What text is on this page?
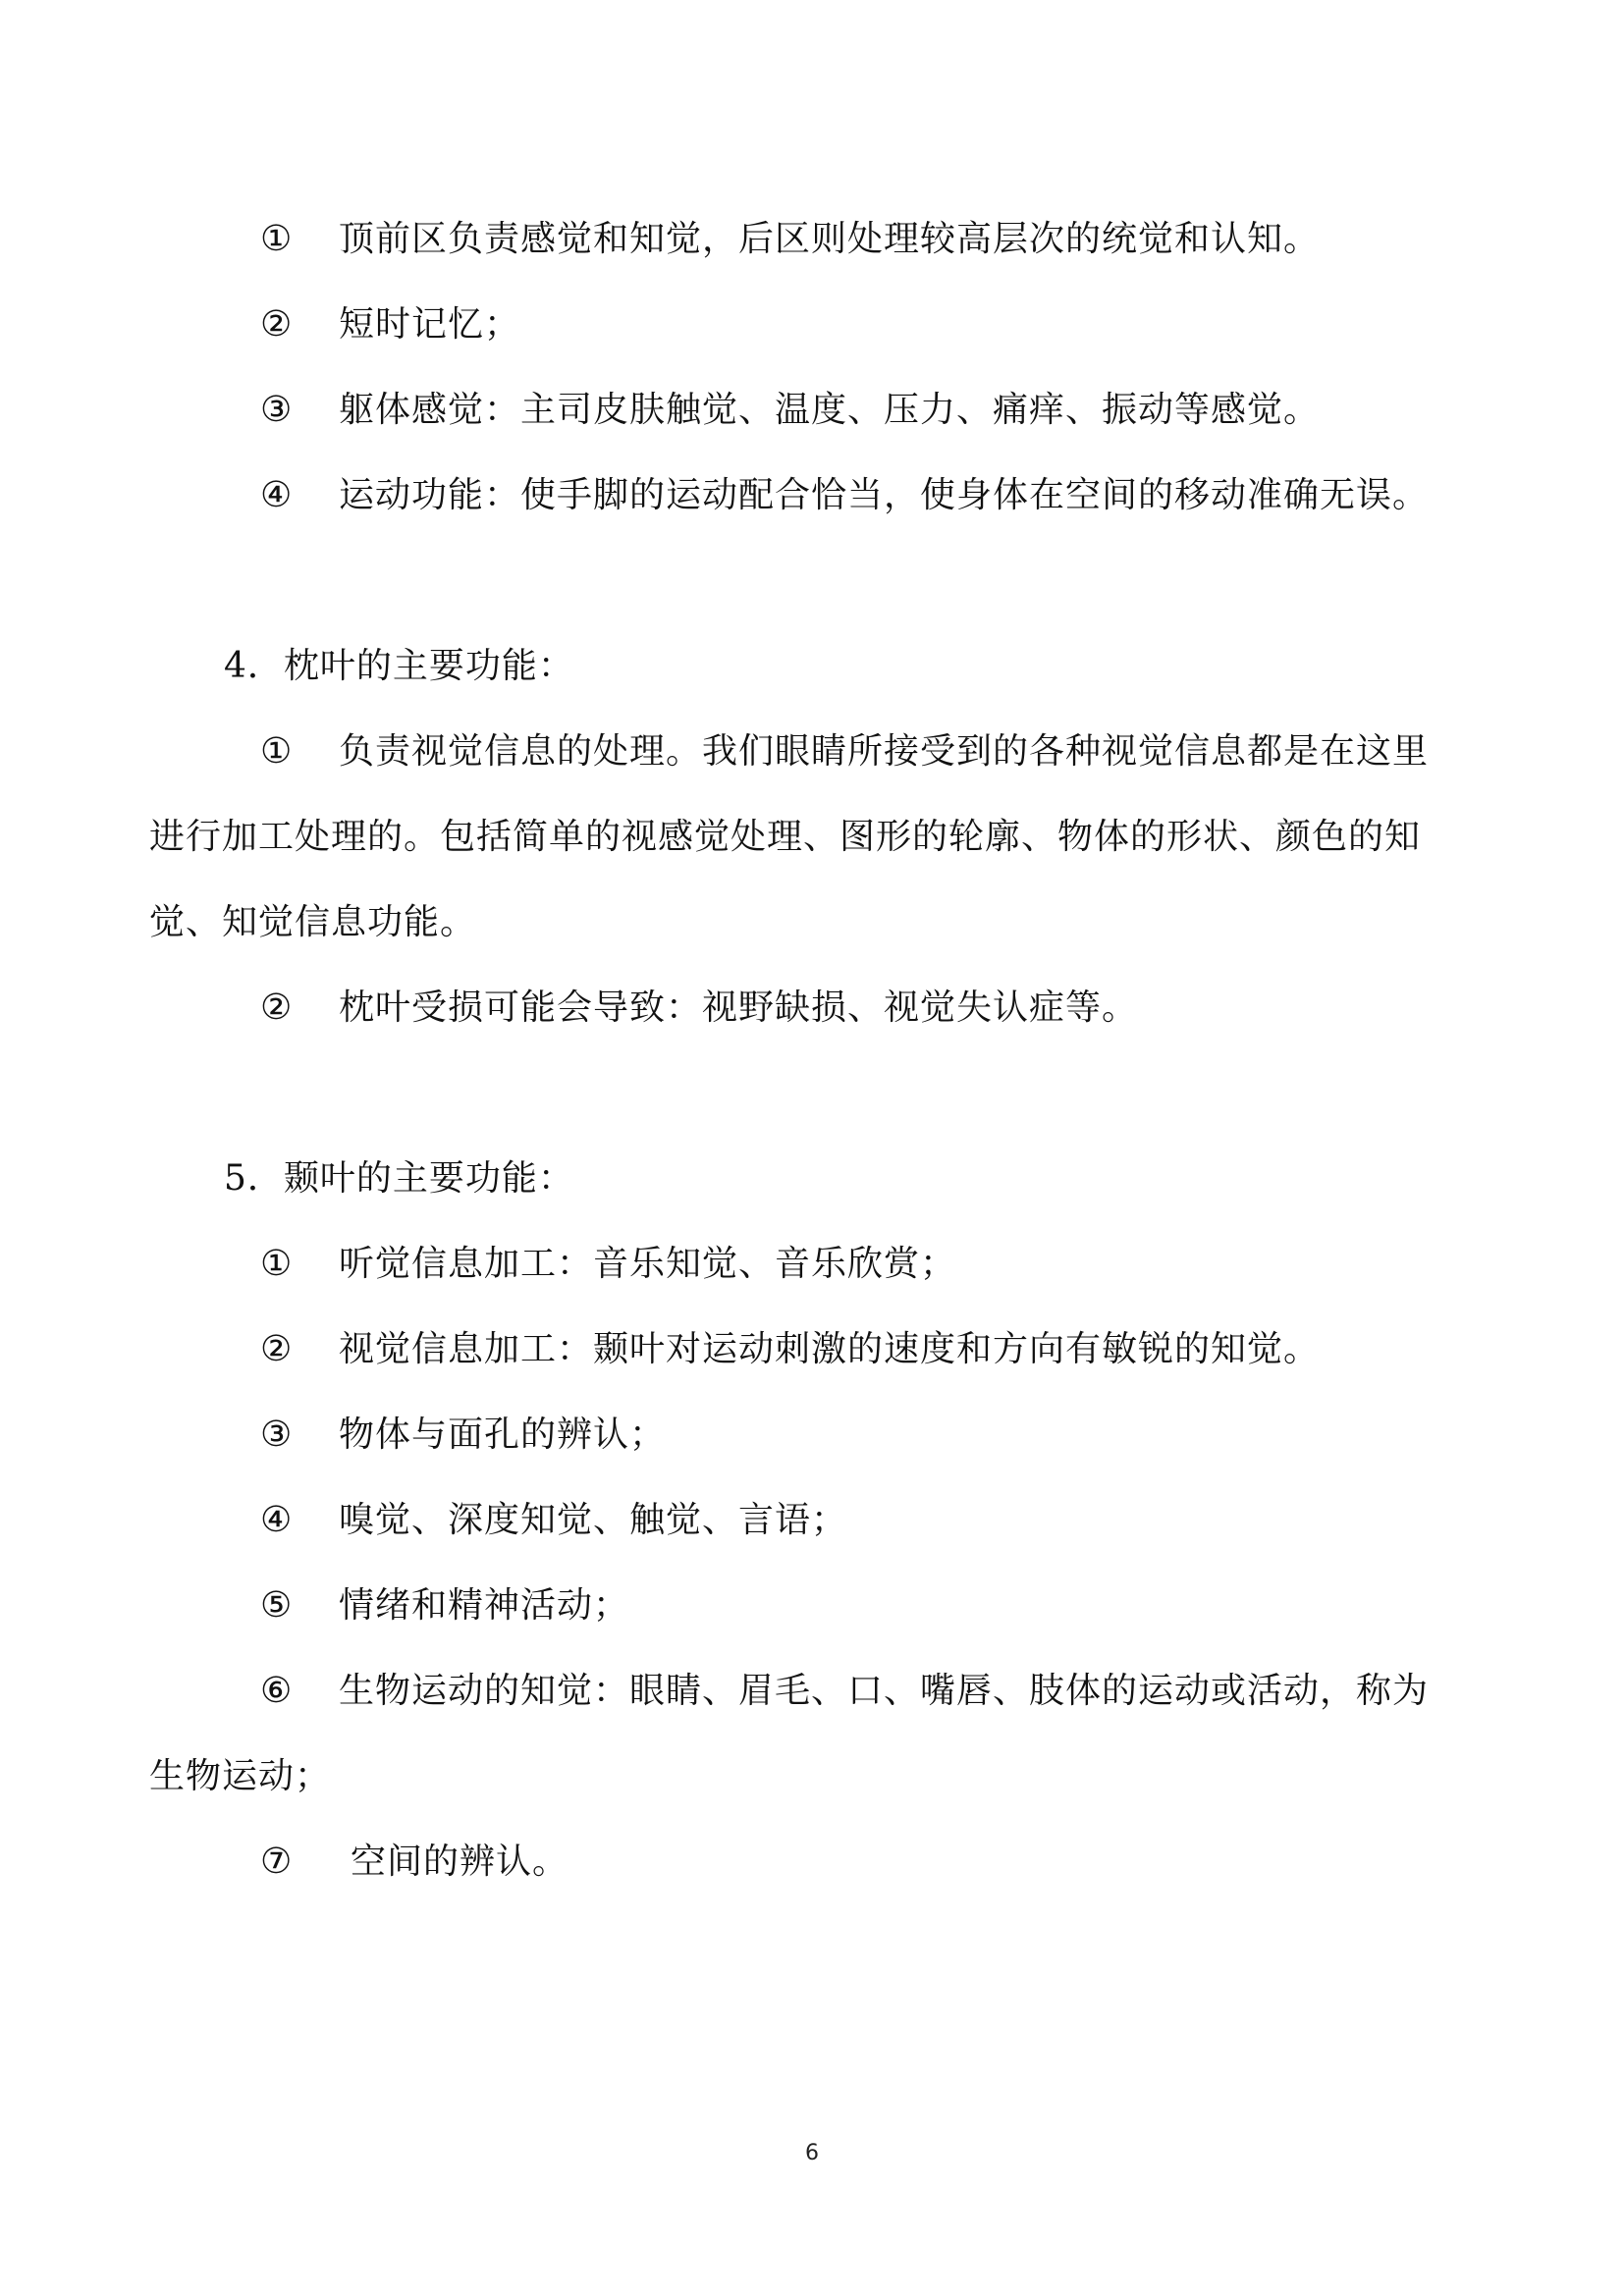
① 顶前区负责感觉和知觉，后区则处理较高层次的统觉和认知。
② 短时记忆；
③ 躯体感觉：主司皮肤触觉、温度、压力、痛痒、振动等感觉。
④ 运动功能：使手脚的运动配合恰当，使身体在空间的移动准确无误。
4．枕叶的主要功能：
① 负责视觉信息的处理。我们眼睛所接受到的各种视觉信息都是在这里
进行加工处理的。包括简单的视感觉处理、图形的轮廓、物体的形状、颜色的知
觉、知觉信息功能。
② 枕叶受损可能会导致：视野缺损、视觉失认症等。
5．颞叶的主要功能：
① 听觉信息加工：音乐知觉、音乐欣赏；
② 视觉信息加工：颞叶对运动刺激的速度和方向有敏锐的知觉。
③ 物体与面孔的辨认；
④ 嗅觉、深度知觉、触觉、言语；
⑤ 情绪和精神活动；
⑥ 生物运动的知觉：眼睛、眉毛、口、嘴唇、肢体的运动或活动，称为
生物运动；
⑦ 空间的辨认。
6
